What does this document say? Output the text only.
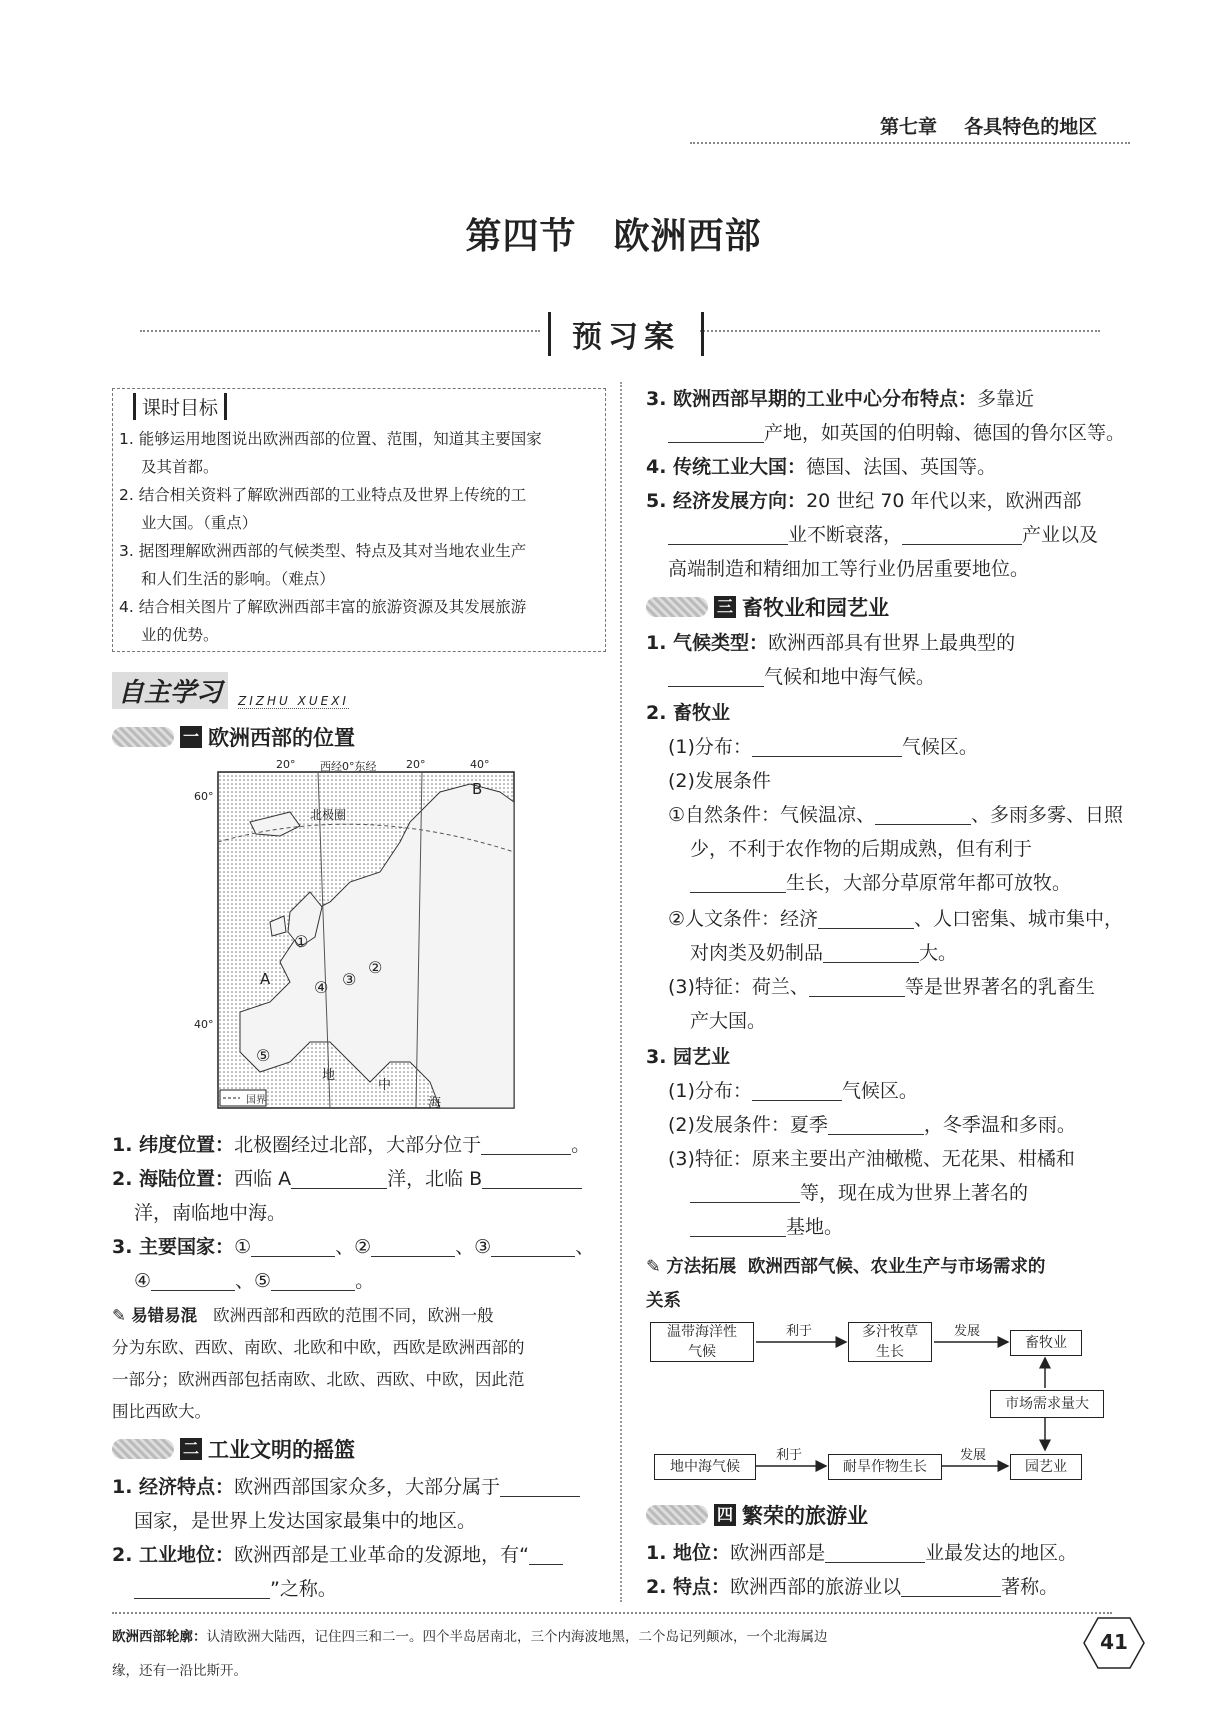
第七章 各具特色的地区
第四节　欧洲西部
预习案
课时目标
1. 能够运用地图说出欧洲西部的位置、范围，知道其主要国家
及其首都。
2. 结合相关资料了解欧洲西部的工业特点及世界上传统的工
业大国。（重点）
3. 据图理解欧洲西部的气候类型、特点及其对当地农业生产
和人们生活的影响。（难点）
4. 结合相关图片了解欧洲西部丰富的旅游资源及其发展旅游
业的优势。
自主学习	ZIZHU XUEXI
一 欧洲西部的位置
20° 西经0°东经	20°	40°
60°
40°
北极圈
A
B
①
②
③
④
⑤
地
中
海
国界
1. 纬度位置：北极圈经过北部，大部分位于	。
2. 海陆位置：西临 A	洋，北临 B
洋，南临地中海。
3. 主要国家：①	、②	、③	、
④	、⑤	。
✎ 易错易混 欧洲西部和西欧的范围不同，欧洲一般
分为东欧、西欧、南欧、北欧和中欧，西欧是欧洲西部的
一部分；欧洲西部包括南欧、北欧、西欧、中欧，因此范
围比西欧大。
二 工业文明的摇篮
1. 经济特点：欧洲西部国家众多，大部分属于
国家，是世界上发达国家最集中的地区。
2. 工业地位：欧洲西部是工业革命的发源地，有“
”之称。
3. 欧洲西部早期的工业中心分布特点：多靠近
产地，如英国的伯明翰、德国的鲁尔区等。
4. 传统工业大国：德国、法国、英国等。
5. 经济发展方向：20 世纪 70 年代以来，欧洲西部
业不断衰落，	产业以及
高端制造和精细加工等行业仍居重要地位。
三 畜牧业和园艺业
1. 气候类型：欧洲西部具有世界上最典型的
气候和地中海气候。
2. 畜牧业
(1)分布：	气候区。
(2)发展条件
①自然条件：气候温凉、	、多雨多雾、日照
少，不利于农作物的后期成熟，但有利于
生长，大部分草原常年都可放牧。
②人文条件：经济	、人口密集、城市集中，
对肉类及奶制品	大。
(3)特征：荷兰、	等是世界著名的乳畜生
产大国。
3. 园艺业
(1)分布：	气候区。
(2)发展条件：夏季	，冬季温和多雨。
(3)特征：原来主要出产油橄榄、无花果、柑橘和
等，现在成为世界上著名的
基地。
✎ 方法拓展 欧洲西部气候、农业生产与市场需求的
关系
温带海洋性气候
多汁牧草生长
畜牧业
市场需求量大
地中海气候	耐旱作物生长	园艺业
利于	发展
利于	发展
四 繁荣的旅游业
1. 地位：欧洲西部是	业最发达的地区。
2. 特点：欧洲西部的旅游业以	著称。
欧洲西部轮廓：认清欧洲大陆西，记住四三和二一。四个半岛居南北，三个内海波地黑，二个岛记列颠冰，一个北海属边
缘，还有一沿比斯开。
41
